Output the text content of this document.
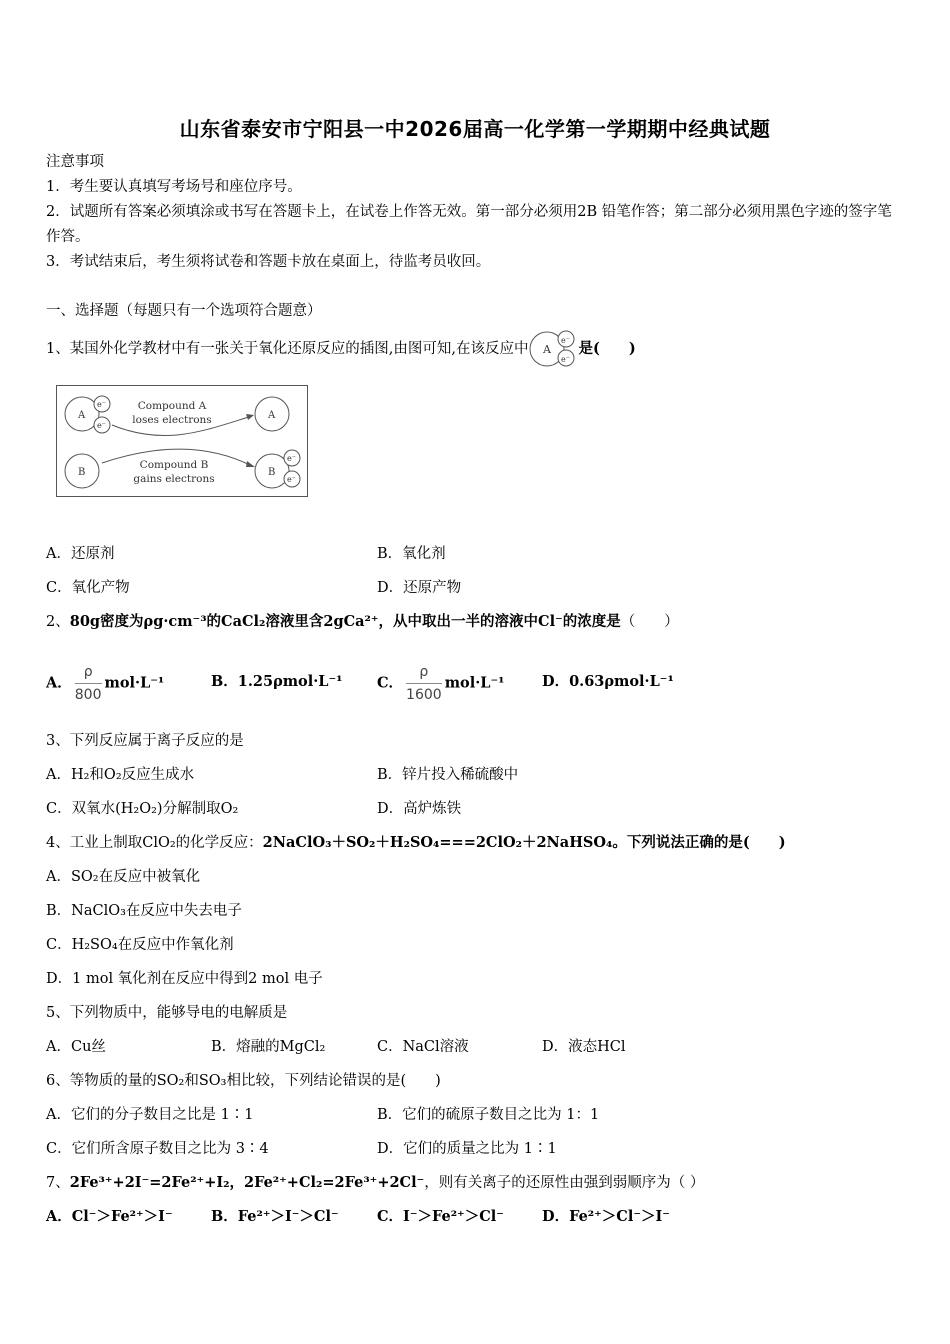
山东省泰安市宁阳县一中2026届高一化学第一学期期中经典试题
注意事项
1．考生要认真填写考场号和座位序号。
2．试题所有答案必须填涂或书写在答题卡上，在试卷上作答无效。第一部分必须用2B 铅笔作答；第二部分必须用黑色字迹的签字笔作答。
3．考试结束后，考生须将试卷和答题卡放在桌面上，待监考员收回。
一、选择题（每题只有一个选项符合题意）
1、某国外化学教材中有一张关于氧化还原反应的插图,由图可知,在该反应中 A
e⁻
e⁻
是(　　)
A
e⁻
e⁻
A
B	B
e⁻
e⁻
Compound A
loses electrons
Compound B
gains electrons
A．还原剂	B．氧化剂
C．氧化产物	D．还原产物
2、80g密度为ρg·cm⁻³的CaCl₂溶液里含2gCa²⁺，从中取出一半的溶液中Cl⁻的浓度是（　　）
A． $\frac{\rho}{800} mol\cdot L^{-1}$	B．1.25ρmol·L⁻¹ C． $\frac{\rho}{1600} mol\cdot L^{-1}$	D．0.63ρmol·L⁻¹
3、下列反应属于离子反应的是
A．H₂和O₂反应生成水	B．锌片投入稀硫酸中
C．双氧水(H₂O₂)分解制取O₂	D．高炉炼铁
4、工业上制取ClO₂的化学反应：2NaClO₃＋SO₂＋H₂SO₄===2ClO₂＋2NaHSO₄。下列说法正确的是(　　)
A．SO₂在反应中被氧化
B．NaClO₃在反应中失去电子
C．H₂SO₄在反应中作氧化剂
D．1 mol 氧化剂在反应中得到2 mol 电子
5、下列物质中，能够导电的电解质是
A．Cu丝	B．熔融的MgCl₂	C．NaCl溶液	D．液态HCl
6、等物质的量的SO₂和SO₃相比较，下列结论错误的是(　　)
A．它们的分子数目之比是 1∶1	B．它们的硫原子数目之比为 1：1
C．它们所含原子数目之比为 3∶4	D．它们的质量之比为 1∶1
7、2Fe³⁺+2I⁻=2Fe²⁺+I₂，2Fe²⁺+Cl₂=2Fe³⁺+2Cl⁻，则有关离子的还原性由强到弱顺序为（ ）
A．Cl⁻＞Fe²⁺＞I⁻	B．Fe²⁺＞I⁻＞Cl⁻	C．I⁻＞Fe²⁺＞Cl⁻	D．Fe²⁺＞Cl⁻＞I⁻
